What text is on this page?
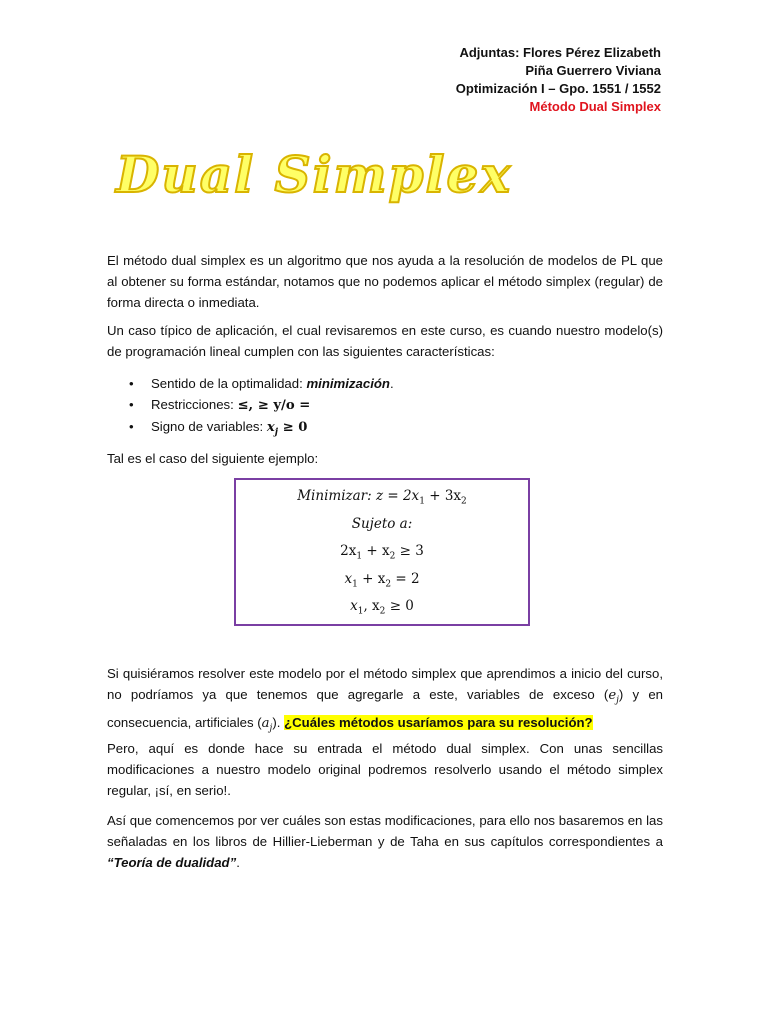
Adjuntas: Flores Pérez Elizabeth
Piña Guerrero Viviana
Optimización I – Gpo. 1551 / 1552
Método Dual Simplex
Dual Simplex
El método dual simplex es un algoritmo que nos ayuda a la resolución de modelos de PL que al obtener su forma estándar, notamos que no podemos aplicar el método simplex (regular) de forma directa o inmediata.
Un caso típico de aplicación, el cual revisaremos en este curso, es cuando nuestro modelo(s) de programación lineal cumplen con las siguientes características:
• Sentido de la optimalidad: minimización.
• Restricciones: ≤, ≥ y/o =
• Signo de variables: $x_j \ge 0$
Tal es el caso del siguiente ejemplo:
Minimizar: $z = 2x_1 + 3x_2$
Sujeto a:
$2x_1 + x_2 \ge 3$
$x_1 + x_2 = 2$
$x_1$, $x_2 \ge 0$
Si quisiéramos resolver este modelo por el método simplex que aprendimos a inicio del curso, no podríamos ya que tenemos que agregarle a este, variables de exceso $(e_j)$ y en consecuencia, artificiales $(a_j)$. ¿Cuáles métodos usaríamos para su resolución?
Pero, aquí es donde hace su entrada el método dual simplex. Con unas sencillas modificaciones a nuestro modelo original podremos resolverlo usando el método simplex regular, ¡sí, en serio!.
Así que comencemos por ver cuáles son estas modificaciones, para ello nos basaremos en las señaladas en los libros de Hillier-Lieberman y de Taha en sus capítulos correspondientes a “Teoría de dualidad”.
